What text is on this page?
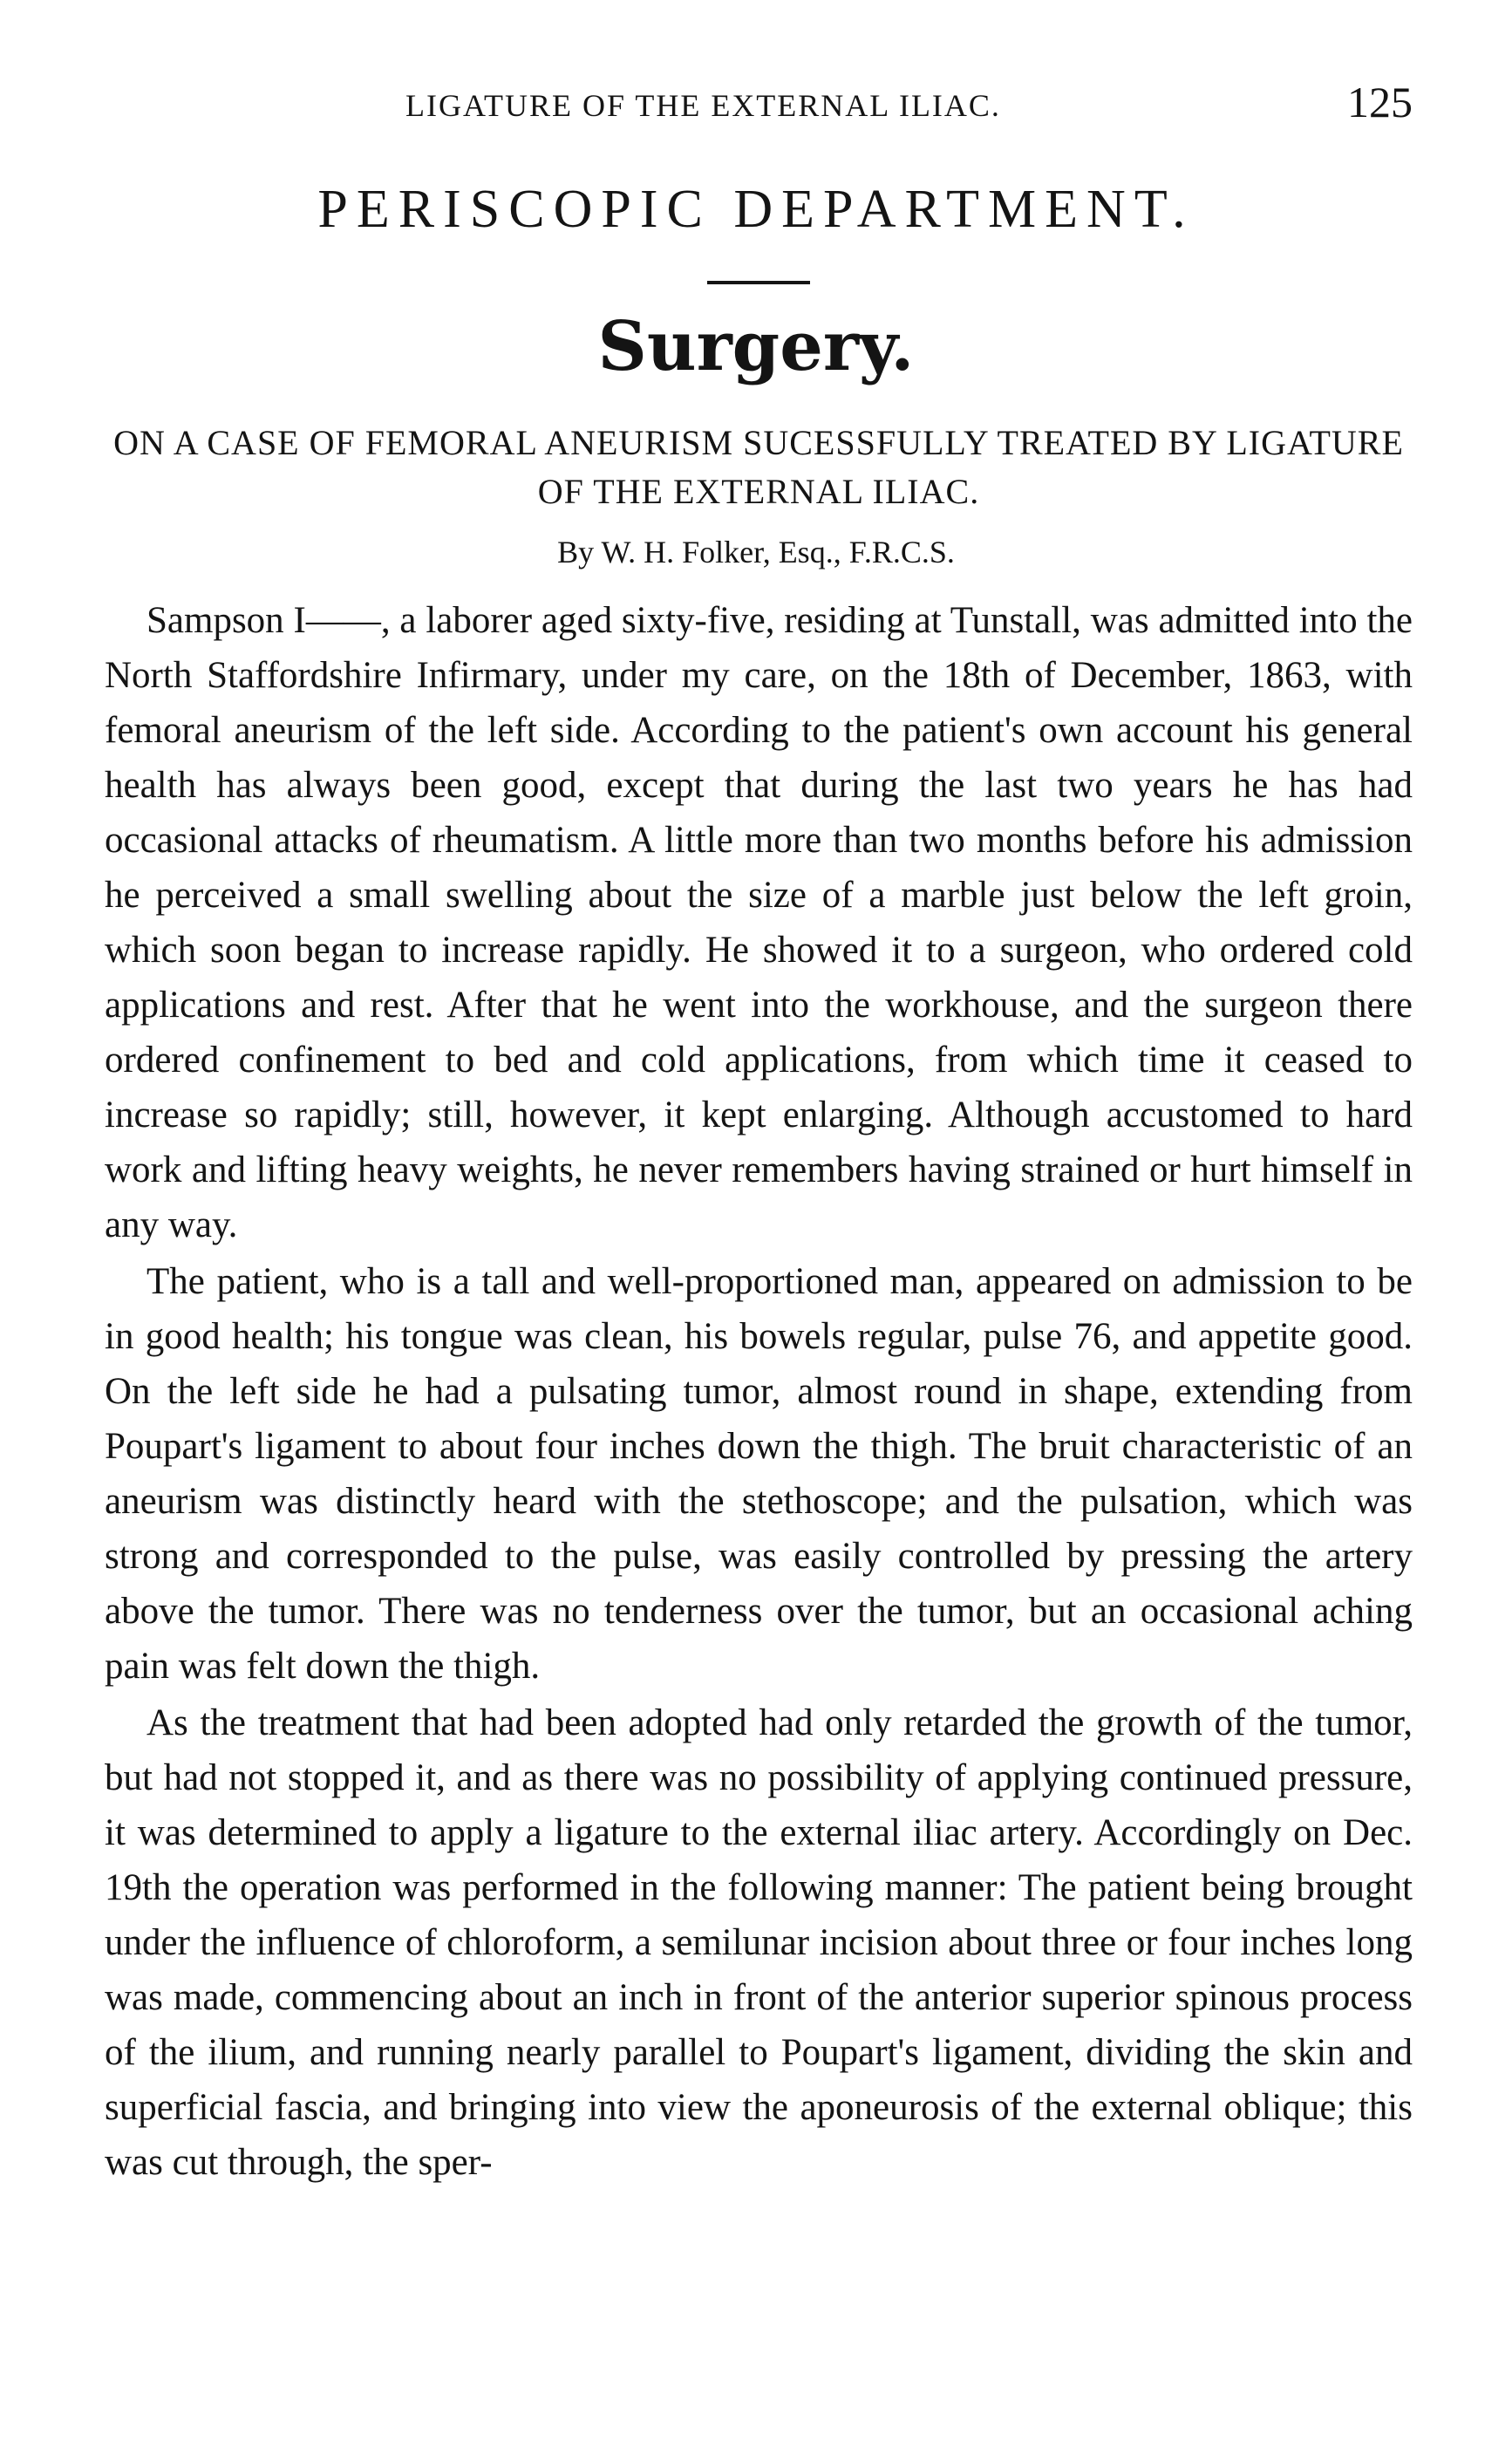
LIGATURE OF THE EXTERNAL ILIAC.	125
PERISCOPIC DEPARTMENT.
Surgery.
ON A CASE OF FEMORAL ANEURISM SUCESSFULLY TREATED BY LIGATURE OF THE EXTERNAL ILIAC.
By W. H. Folker, Esq., F.R.C.S.

Sampson I——, a laborer aged sixty-five, residing at Tunstall, was admitted into the North Staffordshire Infirmary, under my care, on the 18th of December, 1863, with femoral aneurism of the left side. According to the patient's own account his general health has always been good, except that during the last two years he has had occasional attacks of rheumatism. A little more than two months before his admission he perceived a small swelling about the size of a marble just below the left groin, which soon began to increase rapidly. He showed it to a surgeon, who ordered cold applications and rest. After that he went into the workhouse, and the surgeon there ordered confinement to bed and cold applications, from which time it ceased to increase so rapidly; still, however, it kept enlarging. Although accustomed to hard work and lifting heavy weights, he never remembers having strained or hurt himself in any way.

The patient, who is a tall and well-proportioned man, appeared on admission to be in good health; his tongue was clean, his bowels regular, pulse 76, and appetite good. On the left side he had a pulsating tumor, almost round in shape, extending from Poupart's ligament to about four inches down the thigh. The bruit characteristic of an aneurism was distinctly heard with the stethoscope; and the pulsation, which was strong and corresponded to the pulse, was easily controlled by pressing the artery above the tumor. There was no tenderness over the tumor, but an occasional aching pain was felt down the thigh.

As the treatment that had been adopted had only retarded the growth of the tumor, but had not stopped it, and as there was no possibility of applying continued pressure, it was determined to apply a ligature to the external iliac artery. Accordingly on Dec. 19th the operation was performed in the following manner: The patient being brought under the influence of chloroform, a semilunar incision about three or four inches long was made, commencing about an inch in front of the anterior superior spinous process of the ilium, and running nearly parallel to Poupart's ligament, dividing the skin and superficial fascia, and bringing into view the aponeurosis of the external oblique; this was cut through, the sper-
